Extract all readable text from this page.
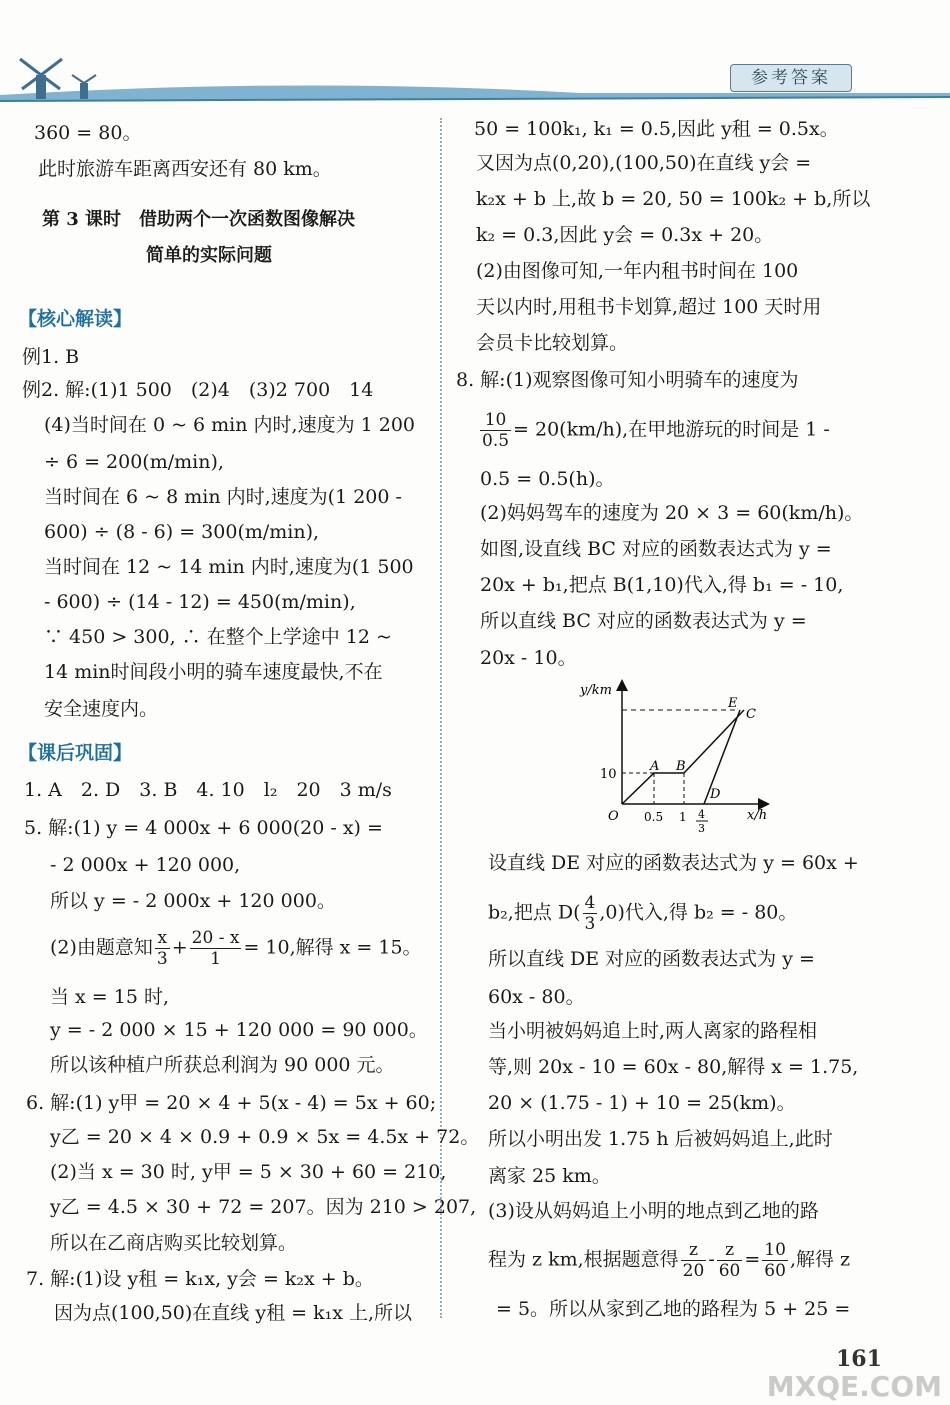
参考答案
360 = 80。
此时旅游车距离西安还有 80 km。
第 3 课时　借助两个一次函数图像解决
简单的实际问题
【核心解读】
例1. B
例2. 解:(1)1 500　(2)4　(3)2 700　14
(4)当时间在 0 ~ 6 min 内时,速度为 1 200
÷ 6 = 200(m/min),
当时间在 6 ~ 8 min 内时,速度为(1 200 -
600) ÷ (8 - 6) = 300(m/min),
当时间在 12 ~ 14 min 内时,速度为(1 500
- 600) ÷ (14 - 12) = 450(m/min),
∵ 450 > 300, ∴ 在整个上学途中 12 ~
14 min时间段小明的骑车速度最快,不在
安全速度内。
【课后巩固】
1. A　2. D　3. B　4. 10　l₂　20　3 m/s
5. 解:(1) y = 4 000x + 6 000(20 - x) =
- 2 000x + 120 000,
所以 y = - 2 000x + 120 000。
(2)由题意知 $\frac{x}{3} + \frac{20 - x}{1} = 10$,解得 x = 15。
当 x = 15 时,
y = - 2 000 × 15 + 120 000 = 90 000。
所以该种植户所获总利润为 90 000 元。
6. 解:(1) y甲 = 20 × 4 + 5(x - 4) = 5x + 60;
y乙 = 20 × 4 × 0.9 + 0.9 × 5x = 4.5x + 72。
(2)当 x = 30 时, y甲 = 5 × 30 + 60 = 210,
y乙 = 4.5 × 30 + 72 = 207。因为 210 > 207,
所以在乙商店购买比较划算。
7. 解:(1)设 y租 = k₁x, y会 = k₂x + b。
因为点(100,50)在直线 y租 = k₁x 上,所以
50 = 100k₁, k₁ = 0.5,因此 y租 = 0.5x。
又因为点(0,20),(100,50)在直线 y会 =
k₂x + b 上,故 b = 20, 50 = 100k₂ + b,所以
k₂ = 0.3,因此 y会 = 0.3x + 20。
(2)由图像可知,一年内租书时间在 100
天以内时,用租书卡划算,超过 100 天时用
会员卡比较划算。
8. 解:(1)观察图像可知小明骑车的速度为
$\frac{10}{0.5} = 20(km/h)$,在甲地游玩的时间是 1 -
0.5 = 0.5(h)。
(2)妈妈驾车的速度为 20 × 3 = 60(km/h)。
如图,设直线 BC 对应的函数表达式为 y =
20x + b₁,把点 B(1,10)代入,得 b₁ = - 10,
所以直线 BC 对应的函数表达式为 y =
20x - 10。
y/km
x/h
O
10
0.5 1 4
3
A B
C
D
E
设直线 DE 对应的函数表达式为 y = 60x +
b₂,把点 $D( \frac{4}{3} ,0)$代入,得 b₂ = - 80。
所以直线 DE 对应的函数表达式为 y =
60x - 80。
当小明被妈妈追上时,两人离家的路程相
等,则 20x - 10 = 60x - 80,解得 x = 1.75,
20 × (1.75 - 1) + 10 = 25(km)。
所以小明出发 1.75 h 后被妈妈追上,此时
离家 25 km。
(3)设从妈妈追上小明的地点到乙地的路
程为 z km,根据题意得 $\frac{z}{20} - \frac{z}{60} = \frac{10}{60}$ ,解得 z
= 5。所以从家到乙地的路程为 5 + 25 =
161
MXQE.COM
